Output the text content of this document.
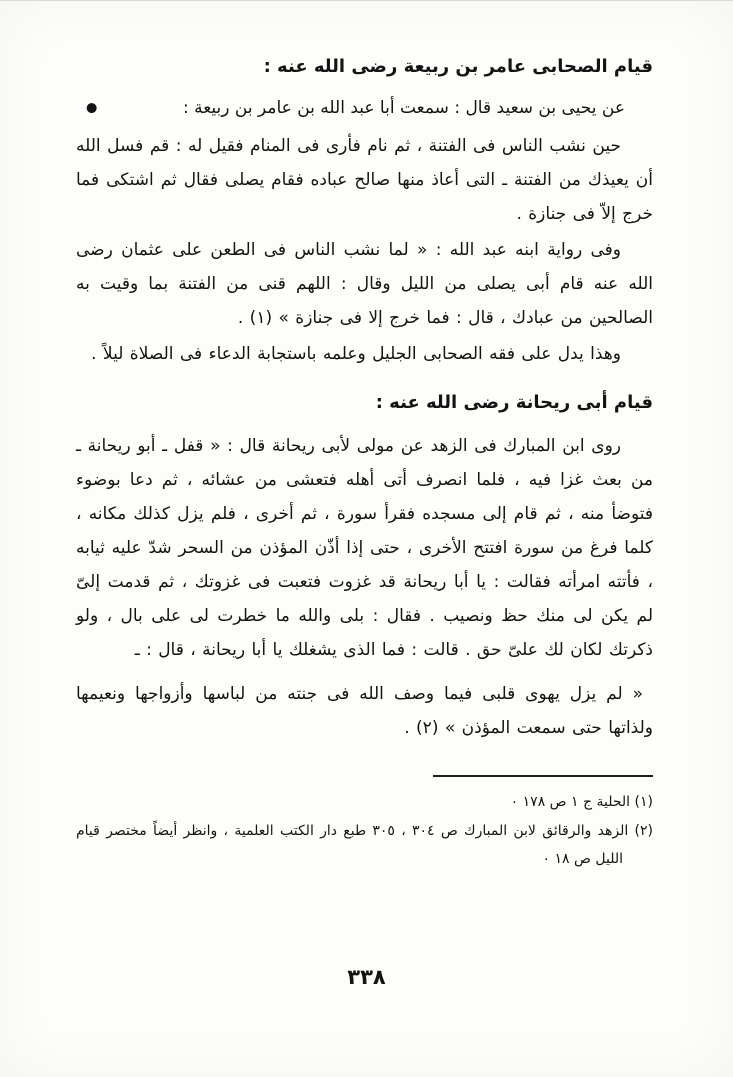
قيام الصحابى عامر بن ربيعة رضى الله عنه :

●	عن يحيى بن سعيد قال : سمعت أبا عبد الله بن عامر بن ربيعة :

حين نشب الناس فى الفتنة ، ثم نام فأرى فى المنام فقيل له : قم فسل الله أن يعيذك من الفتنة ـ التى أعاذ منها صالح عباده فقام يصلى فقال ثم اشتكى فما خرج إلاّ فى جنازة .

وفى رواية ابنه عبد الله : « لما نشب الناس فى الطعن على عثمان رضى الله عنه قام أبى يصلى من الليل وقال : اللهم قنى من الفتنة بما وقيت به الصالحين من عبادك ، قال : فما خرج إلا فى جنازة » (١) .

وهذا يدل على فقه الصحابى الجليل وعلمه باستجابة الدعاء فى الصلاة ليلاً .

قيام أبى ريحانة رضى الله عنه :

روى ابن المبارك فى الزهد عن مولى لأبى ريحانة قال : « قفل ـ أبو ريحانة ـ من بعث غزا فيه ، فلما انصرف أتى أهله فتعشى من عشائه ، ثم دعا بوضوء فتوضأ منه ، ثم قام إلى مسجده فقرأ سورة ، ثم أخرى ، فلم يزل كذلك مكانه ، كلما فرغ من سورة افتتح الأخرى ، حتى إذا أذّن المؤذن من السحر شدّ عليه ثيابه ، فأتته امرأته فقالت : يا أبا ريحانة قد غزوت فتعبت فى غزوتك ، ثم قدمت إلىّ لم يكن لى منك حظ ونصيب . فقال : بلى والله ما خطرت لى على بال ، ولو ذكرتك لكان لك علىّ حق . قالت : فما الذى يشغلك يا أبا ريحانة ، قال : ـ

« لم يزل يهوى قلبى فيما وصف الله فى جنته من لباسها وأزواجها ونعيمها ولذاتها حتى سمعت المؤذن » (٢) .

(١) الحلية ج ١ ص ١٧٨ ٠

(٢) الزهد والرقائق لابن المبارك ص ٣٠٤ ، ٣٠٥ طبع دار الكتب العلمية ، وانظر أيضاً مختصر قيام الليل ص ١٨ ٠

٣٣٨
